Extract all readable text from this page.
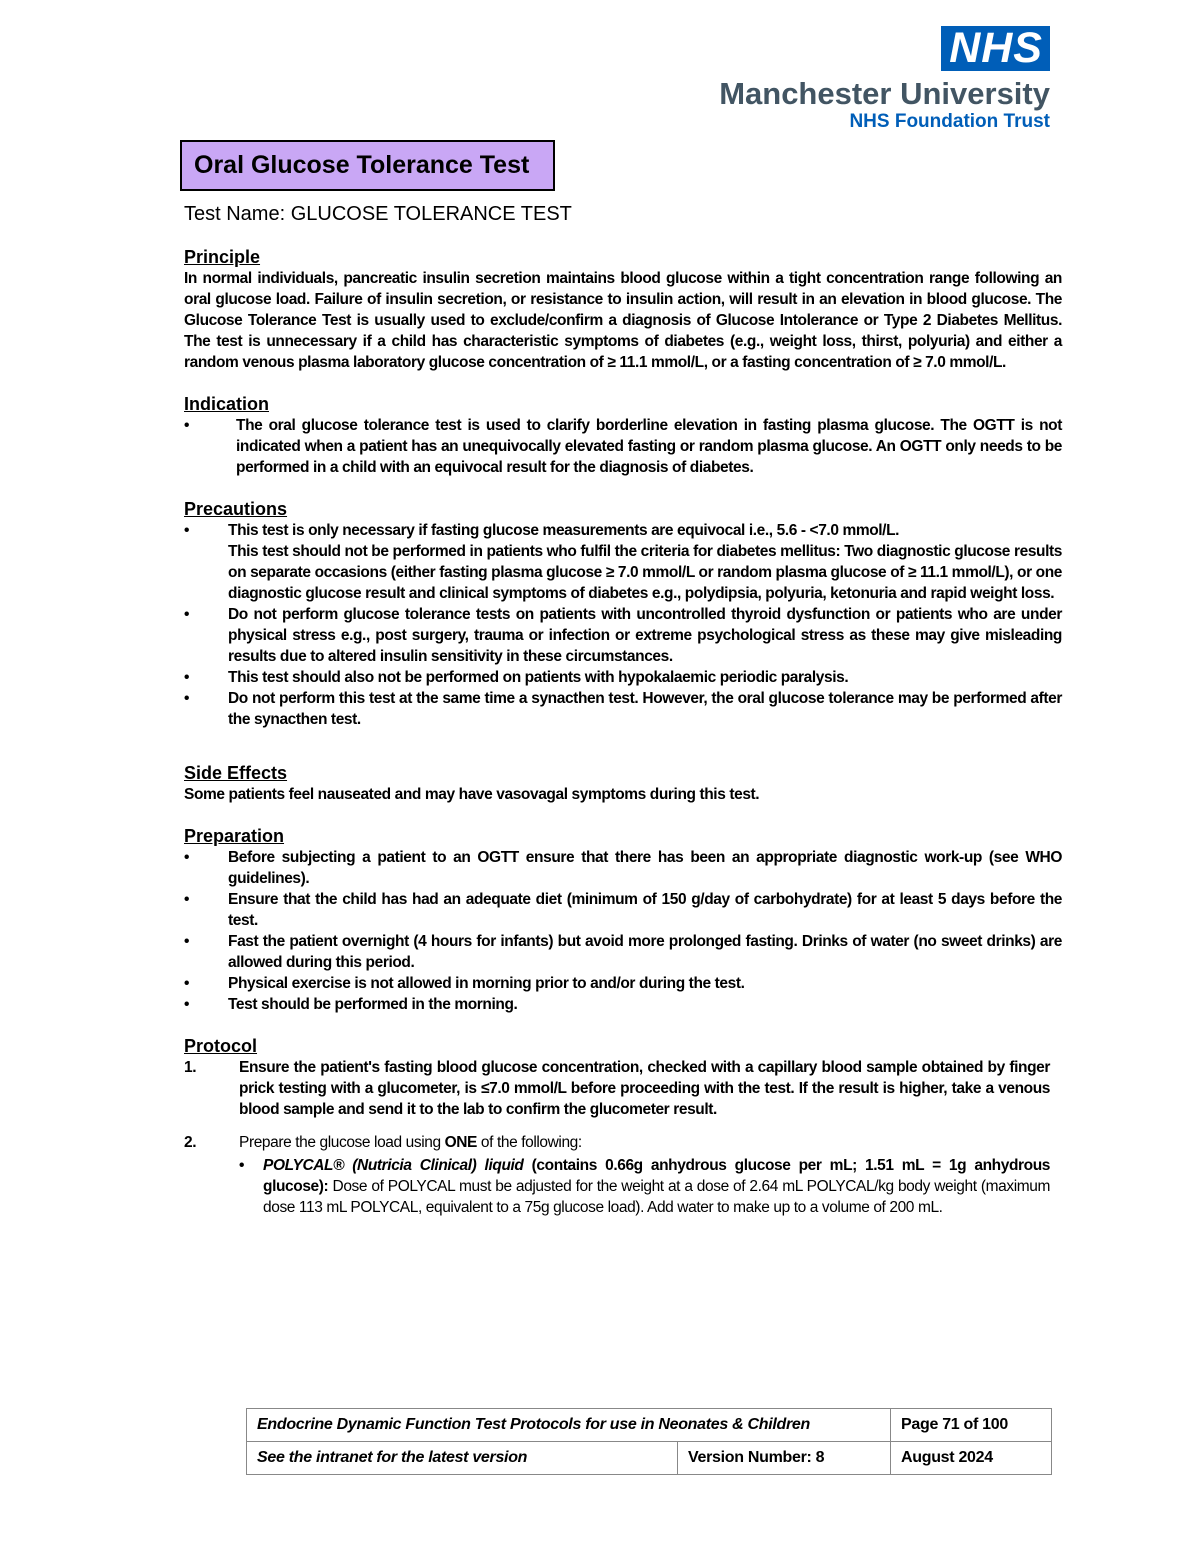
NHS
Manchester University
NHS Foundation Trust
Oral Glucose Tolerance Test
Test Name: GLUCOSE TOLERANCE TEST
Principle
In normal individuals, pancreatic insulin secretion maintains blood glucose within a tight concentration range following an oral glucose load. Failure of insulin secretion, or resistance to insulin action, will result in an elevation in blood glucose. The Glucose Tolerance Test is usually used to exclude/confirm a diagnosis of Glucose Intolerance or Type 2 Diabetes Mellitus. The test is unnecessary if a child has characteristic symptoms of diabetes (e.g., weight loss, thirst, polyuria) and either a random venous plasma laboratory glucose concentration of ≥ 11.1 mmol/L, or a fasting concentration of ≥ 7.0 mmol/L.
Indication
•	The oral glucose tolerance test is used to clarify borderline elevation in fasting plasma glucose. The OGTT is not indicated when a patient has an unequivocally elevated fasting or random plasma glucose. An OGTT only needs to be performed in a child with an equivocal result for the diagnosis of diabetes.
Precautions
•	This test is only necessary if fasting glucose measurements are equivocal i.e., 5.6 - <7.0 mmol/L.
This test should not be performed in patients who fulfil the criteria for diabetes mellitus: Two diagnostic glucose results on separate occasions (either fasting plasma glucose ≥ 7.0 mmol/L or random plasma glucose of ≥ 11.1 mmol/L), or one diagnostic glucose result and clinical symptoms of diabetes e.g., polydipsia, polyuria, ketonuria and rapid weight loss.
•	Do not perform glucose tolerance tests on patients with uncontrolled thyroid dysfunction or patients who are under physical stress e.g., post surgery, trauma or infection or extreme psychological stress as these may give misleading results due to altered insulin sensitivity in these circumstances.
•	This test should also not be performed on patients with hypokalaemic periodic paralysis.
•	Do not perform this test at the same time a synacthen test. However, the oral glucose tolerance may be performed after the synacthen test.
Side Effects
Some patients feel nauseated and may have vasovagal symptoms during this test.
Preparation
•	Before subjecting a patient to an OGTT ensure that there has been an appropriate diagnostic work-up (see WHO guidelines).
•	Ensure that the child has had an adequate diet (minimum of 150 g/day of carbohydrate) for at least 5 days before the test.
•	Fast the patient overnight (4 hours for infants) but avoid more prolonged fasting. Drinks of water (no sweet drinks) are allowed during this period.
•	Physical exercise is not allowed in morning prior to and/or during the test.
•	Test should be performed in the morning.
Protocol
1.	Ensure the patient's fasting blood glucose concentration, checked with a capillary blood sample obtained by finger prick testing with a glucometer, is ≤7.0 mmol/L before proceeding with the test. If the result is higher, take a venous blood sample and send it to the lab to confirm the glucometer result.
2.	Prepare the glucose load using ONE of the following:
• POLYCAL® (Nutricia Clinical) liquid (contains 0.66g anhydrous glucose per mL; 1.51 mL = 1g anhydrous glucose): Dose of POLYCAL must be adjusted for the weight at a dose of 2.64 mL POLYCAL/kg body weight (maximum dose 113 mL POLYCAL, equivalent to a 75g glucose load). Add water to make up to a volume of 200 mL.
Endocrine Dynamic Function Test Protocols for use in Neonates & Children		Page 71 of 100
See the intranet for the latest version	Version Number: 8	August 2024
